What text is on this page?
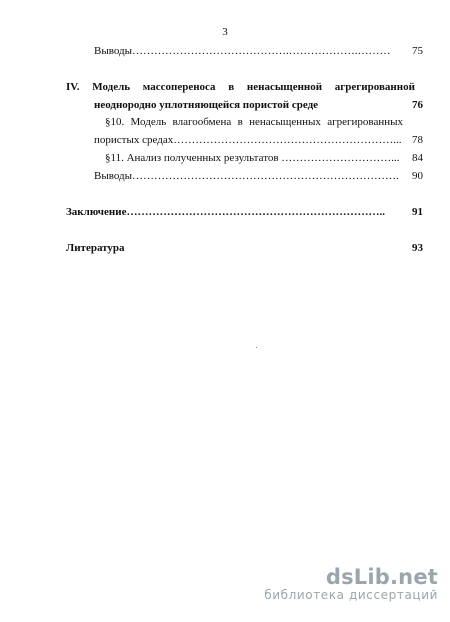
3
Выводы…………………………………….……………….……… 75
IV. Модель массопереноса в ненасыщенной агрегированной
неоднородно уплотняющейся пористой среде	76
§10. Модель влагообмена в ненасыщенных агрегированных
пористых средах……………………………………………………... 78
§11. Анализ полученных результатов …………………………... 84
Выводы………………………………………………………………. 90
Заключение…………………………………………………………….. 91
Литература	93
dsLib.net
библиотека диссертаций
